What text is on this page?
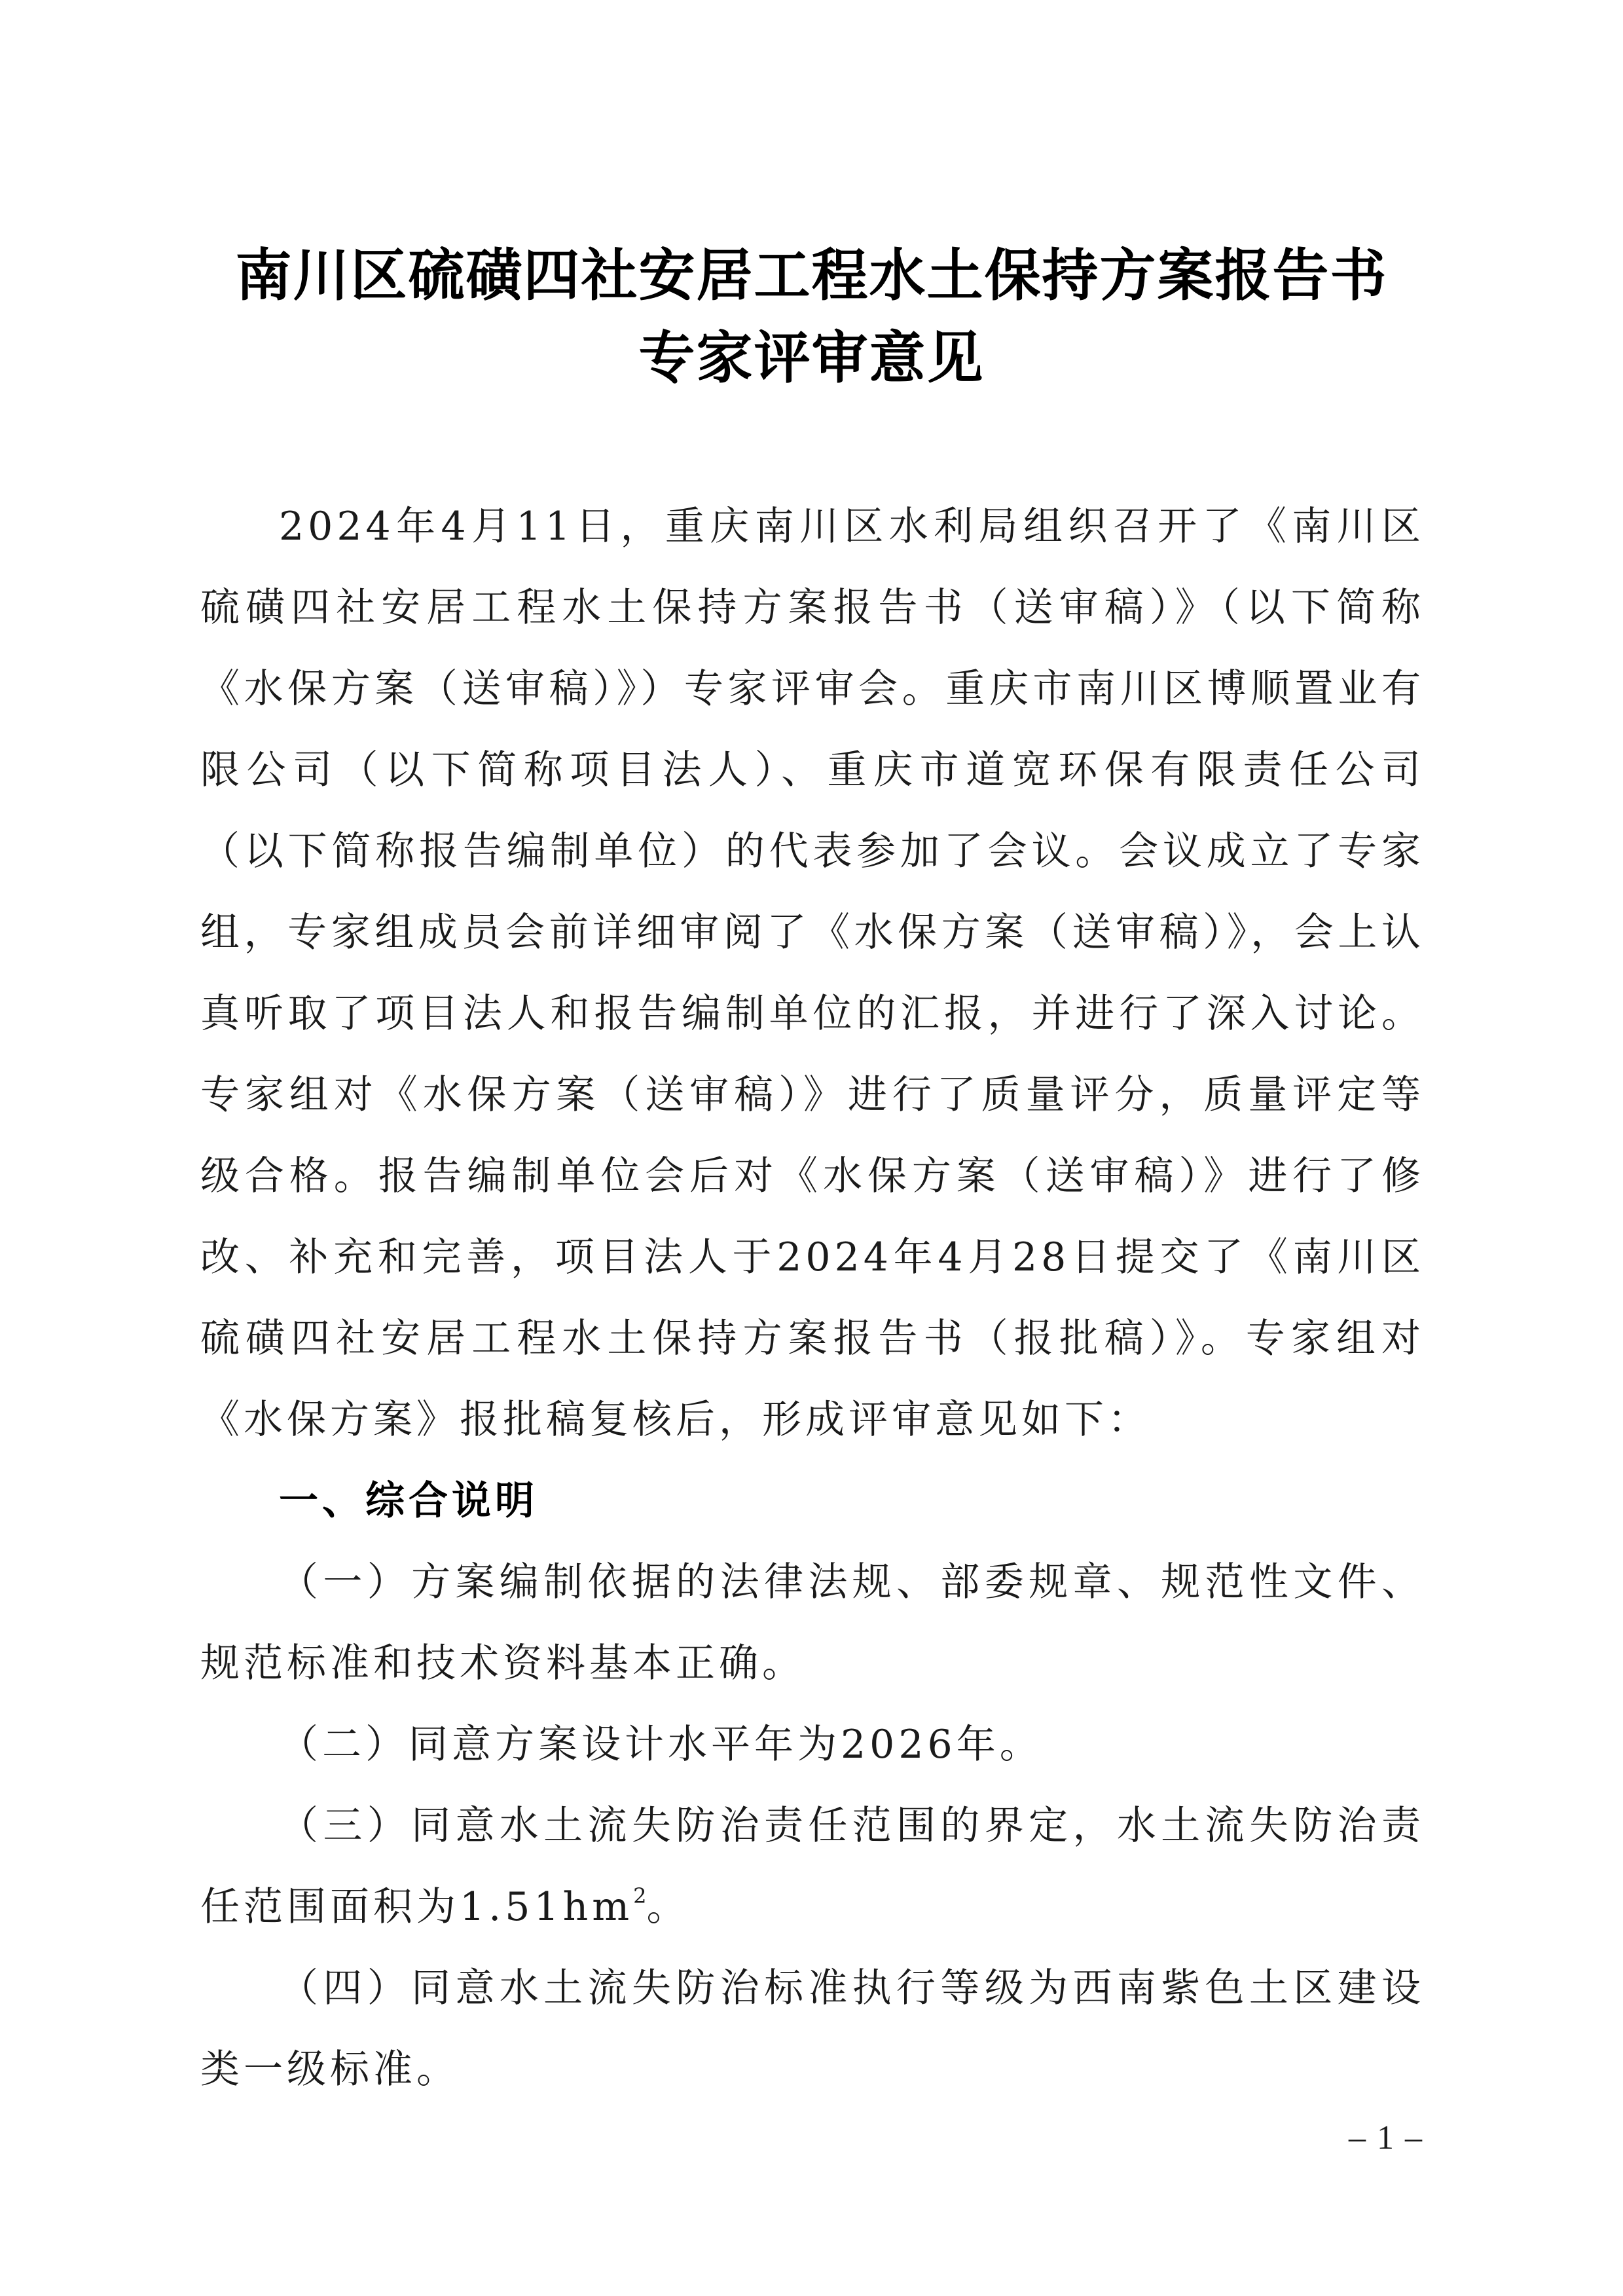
南川区硫磺四社安居工程水土保持方案报告书
专家评审意见

2024年4月11日，重庆南川区水利局组织召开了《南川区硫磺四社安居工程水土保持方案报告书（送审稿）》（以下简称《水保方案（送审稿）》）专家评审会。重庆市南川区博顺置业有限公司（以下简称项目法人）、重庆市道宽环保有限责任公司（以下简称报告编制单位）的代表参加了会议。会议成立了专家组，专家组成员会前详细审阅了《水保方案（送审稿）》，会上认真听取了项目法人和报告编制单位的汇报，并进行了深入讨论。专家组对《水保方案（送审稿）》进行了质量评分，质量评定等级合格。报告编制单位会后对《水保方案（送审稿）》进行了修改、补充和完善，项目法人于2024年4月28日提交了《南川区硫磺四社安居工程水土保持方案报告书（报批稿）》。专家组对《水保方案》报批稿复核后，形成评审意见如下：

一、综合说明

（一）方案编制依据的法律法规、部委规章、规范性文件、规范标准和技术资料基本正确。

（二）同意方案设计水平年为2026年。

（三）同意水土流失防治责任范围的界定，水土流失防治责任范围面积为$1.51hm^2$。

（四）同意水土流失防治标准执行等级为西南紫色土区建设类一级标准。

– 1 –
